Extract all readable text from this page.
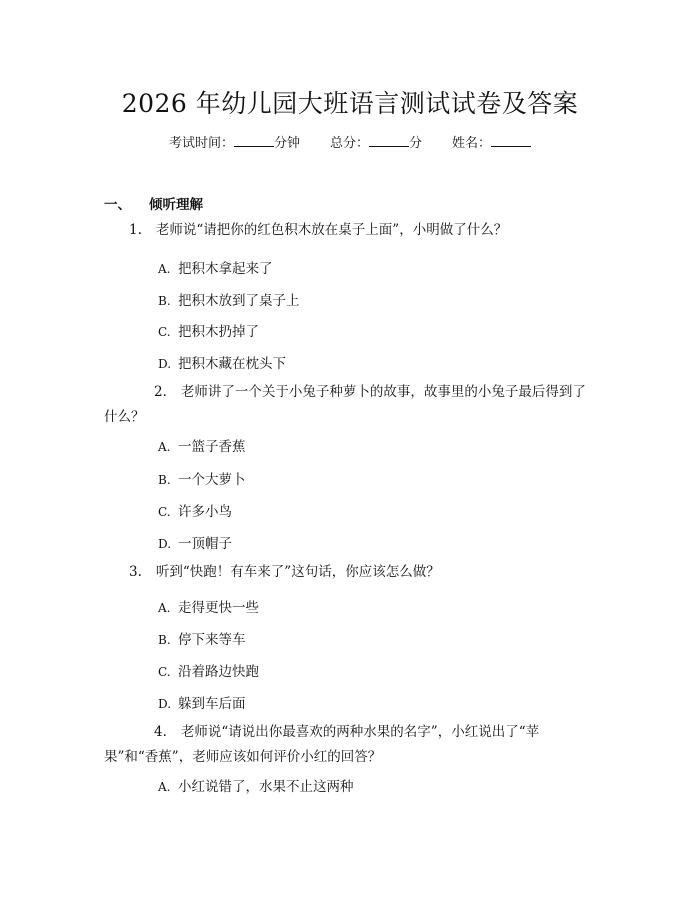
2026 年幼儿园大班语言测试试卷及答案
考试时间：	分钟 总分：	分 姓名：
一、 倾听理解
1. 老师说“请把你的红色积木放在桌子上面”，小明做了什么？
A. 把积木拿起来了
B. 把积木放到了桌子上
C. 把积木扔掉了
D. 把积木藏在枕头下
2. 老师讲了一个关于小兔子种萝卜的故事，故事里的小兔子最后得到了什么？
A. 一篮子香蕉
B. 一个大萝卜
C. 许多小鸟
D. 一顶帽子
3. 听到“快跑！有车来了”这句话，你应该怎么做？
A. 走得更快一些
B. 停下来等车
C. 沿着路边快跑
D. 躲到车后面
4. 老师说“请说出你最喜欢的两种水果的名字”，小红说出了“苹果”和“香蕉”，老师应该如何评价小红的回答？
A. 小红说错了，水果不止这两种
